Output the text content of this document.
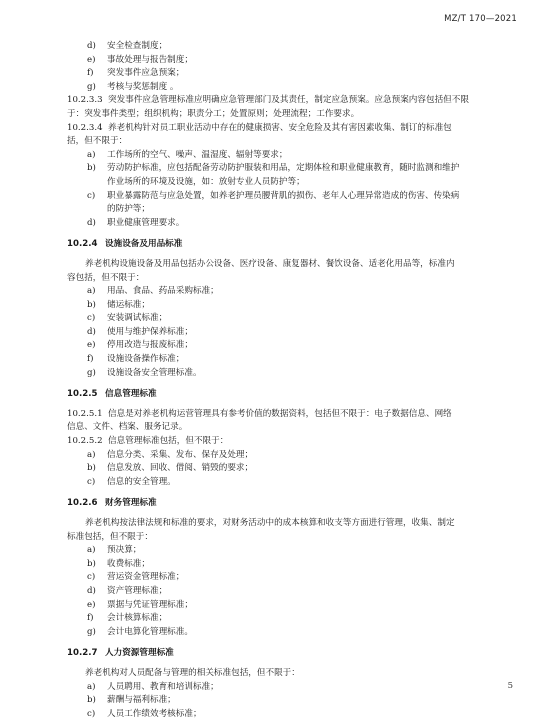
MZ/T 170—2021
d)	安全检查制度；
e)	事故处理与报告制度；
f)	突发事件应急预案；
g)	考核与奖惩制度 。
10.2.3.3 突发事件应急管理标准应明确应急管理部门及其责任，制定应急预案。应急预案内容包括但不限
于：突发事件类型；组织机构；职责分工；处置原则；处理流程；工作要求。
10.2.3.4 养老机构针对员工职业活动中存在的健康损害、安全危险及其有害因素收集、制订的标准包
括，但不限于：
a)	工作场所的空气、噪声、温湿度、辐射等要求；
b)	劳动防护标准，应包括配备劳动防护服装和用品，定期体检和职业健康教育，随时监测和维护
作业场所的环境及设施，如：放射专业人员防护等；
c)	职业暴露防范与应急处置，如养老护理员腰背肌的损伤、老年人心理异常造成的伤害、传染病
的防护等；
d)	职业健康管理要求。
10.2.4 设施设备及用品标准
养老机构设施设备及用品包括办公设备、医疗设备、康复器材、餐饮设备、适老化用品等，标准内
容包括，但不限于：
a)	用品、食品、药品采购标准；
b)	储运标准；
c)	安装调试标准；
d)	使用与维护保养标准；
e)	停用改造与报废标准；
f)	设施设备操作标准；
g)	设施设备安全管理标准。
10.2.5 信息管理标准
10.2.5.1 信息是对养老机构运营管理具有参考价值的数据资料，包括但不限于：电子数据信息、网络
信息、文件、档案、服务记录。
10.2.5.2 信息管理标准包括，但不限于：
a)	信息分类、采集、发布、保存及处理；
b)	信息发放、回收、借阅、销毁的要求；
c)	信息的安全管理。
10.2.6 财务管理标准
养老机构按法律法规和标准的要求，对财务活动中的成本核算和收支等方面进行管理，收集、制定
标准包括，但不限于：
a)	预决算；
b)	收费标准；
c)	营运资金管理标准；
d)	资产管理标准；
e)	票据与凭证管理标准；
f)	会计核算标准；
g)	会计电算化管理标准。
10.2.7 人力资源管理标准
养老机构对人员配备与管理的相关标准包括，但不限于：
a)	人员聘用、教育和培训标准；
b)	薪酬与福利标准；
c)	人员工作绩效考核标准；
5
